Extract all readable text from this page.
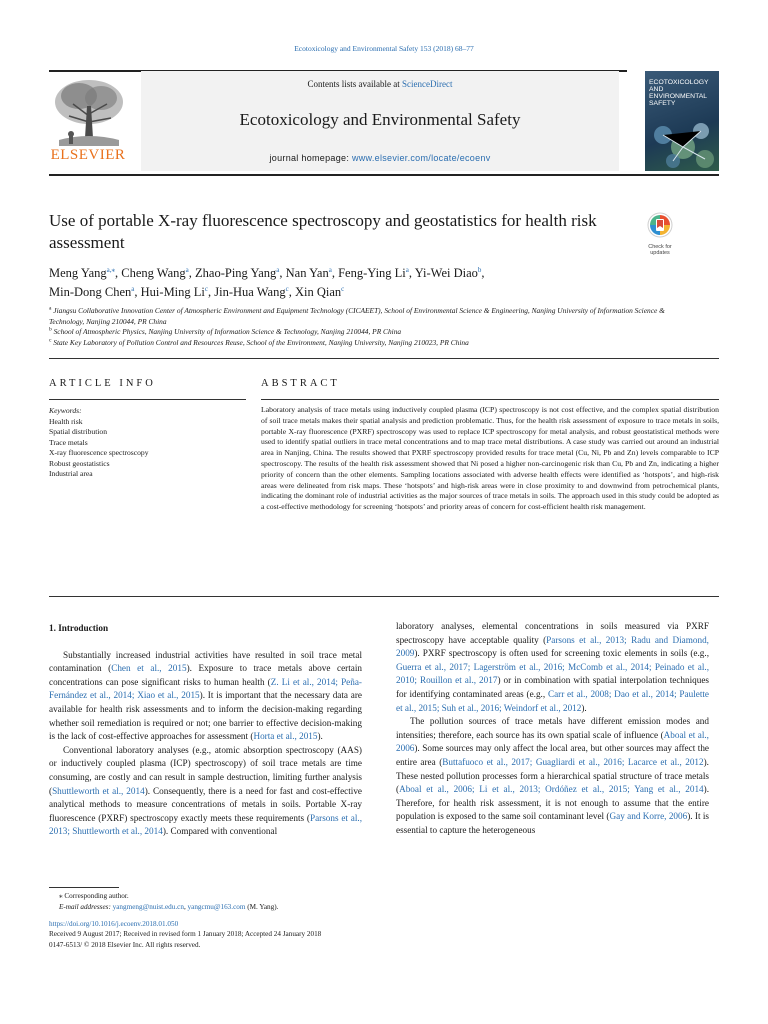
Ecotoxicology and Environmental Safety 153 (2018) 68–77
ELSEVIER
Contents lists available at ScienceDirect
Ecotoxicology and Environmental Safety
journal homepage: www.elsevier.com/locate/ecoenv
ECOTOXICOLOGY AND ENVIRONMENTAL SAFETY
Use of portable X-ray fluorescence spectroscopy and geostatistics for health risk assessment	Check for updates
Meng Yang$^{a,⁎}$, Cheng Wang$^a$, Zhao-Ping Yang$^a$, Nan Yan$^a$, Feng-Ying Li$^a$, Yi-Wei Diao$^b$,
Min-Dong Chen$^a$, Hui-Ming Li$^c$, Jin-Hua Wang$^c$, Xin Qian$^c$
$^a$ Jiangsu Collaborative Innovation Center of Atmospheric Environment and Equipment Technology (CICAEET), School of Environmental Science & Engineering, Nanjing University of Information Science & Technology, Nanjing 210044, PR China
$^b$ School of Atmospheric Physics, Nanjing University of Information Science & Technology, Nanjing 210044, PR China
$^c$ State Key Laboratory of Pollution Control and Resources Reuse, School of the Environment, Nanjing University, Nanjing 210023, PR China
ARTICLE INFO	ABSTRACT
Keywords:
Health risk
Spatial distribution
Trace metals
X-ray fluorescence spectroscopy
Robust geostatistics
Industrial area
Laboratory analysis of trace metals using inductively coupled plasma (ICP) spectroscopy is not cost effective, and the complex spatial distribution of soil trace metals makes their spatial analysis and prediction problematic. Thus, for the health risk assessment of exposure to trace metals in soils, portable X-ray fluorescence (PXRF) spectroscopy was used to replace ICP spectroscopy for metal analysis, and robust geostatistical methods were used to identify spatial outliers in trace metal concentrations and to map trace metal distributions. A case study was carried out around an industrial area in Nanjing, China. The results showed that PXRF spectroscopy provided results for trace metal (Cu, Ni, Pb and Zn) levels comparable to ICP spectroscopy. The results of the health risk assessment showed that Ni posed a higher non-carcinogenic risk than Cu, Pb and Zn, indicating a higher priority of concern than the other elements. Sampling locations associated with adverse health effects were identified as ‘hotspots’, and high-risk areas were delineated from risk maps. These ‘hotspots’ and high-risk areas were in close proximity to and downwind from petrochemical plants, indicating the dominant role of industrial activities as the major sources of trace metals in soils. The approach used in this study could be adopted as a cost-effective methodology for screening ‘hotspots’ and priority areas of concern for cost-efficient health risk management.
1. Introduction
Substantially increased industrial activities have resulted in soil trace metal contamination (Chen et al., 2015). Exposure to trace metals above certain concentrations can pose significant risks to human health (Z. Li et al., 2014; Peña-Fernández et al., 2014; Xiao et al., 2015). It is important that the necessary data are available for health risk assessments and to inform the decision-making regarding whether soil remediation is required or not; one barrier to effective decision-making is the lack of cost-effective approaches for assessment (Horta et al., 2015).
Conventional laboratory analyses (e.g., atomic absorption spectroscopy (AAS) or inductively coupled plasma (ICP) spectroscopy) of soil trace metals are time consuming, are costly and can result in sample destruction, limiting further analysis (Shuttleworth et al., 2014). Consequently, there is a need for fast and cost-effective analytical methods to measure concentrations of metals in soils. Portable X-ray fluorescence (PXRF) spectroscopy exactly meets these requirements (Parsons et al., 2013; Shuttleworth et al., 2014). Compared with conventional
laboratory analyses, elemental concentrations in soils measured via PXRF spectroscopy have acceptable quality (Parsons et al., 2013; Radu and Diamond, 2009). PXRF spectroscopy is often used for screening toxic elements in soils (e.g., Guerra et al., 2017; Lagerström et al., 2016; McComb et al., 2014; Peinado et al., 2010; Rouillon et al., 2017) or in combination with spatial interpolation techniques for identifying contaminated areas (e.g., Carr et al., 2008; Dao et al., 2014; Paulette et al., 2015; Suh et al., 2016; Weindorf et al., 2012).
The pollution sources of trace metals have different emission modes and intensities; therefore, each source has its own spatial scale of influence (Aboal et al., 2006). Some sources may only affect the local area, but other sources may affect the entire area (Buttafuoco et al., 2017; Guagliardi et al., 2016; Lacarce et al., 2012). These nested pollution processes form a hierarchical spatial structure of trace metals (Aboal et al., 2006; Li et al., 2013; Ordóñez et al., 2015; Yang et al., 2014). Therefore, for health risk assessment, it is not enough to assume that the entire population is exposed to the same soil contaminant level (Gay and Korre, 2006). It is essential to capture the heterogeneous
⁎ Corresponding author.
E-mail addresses: yangmeng@nuist.edu.cn, yangcmu@163.com (M. Yang).
https://doi.org/10.1016/j.ecoenv.2018.01.050
Received 9 August 2017; Received in revised form 1 January 2018; Accepted 24 January 2018
0147-6513/ © 2018 Elsevier Inc. All rights reserved.
